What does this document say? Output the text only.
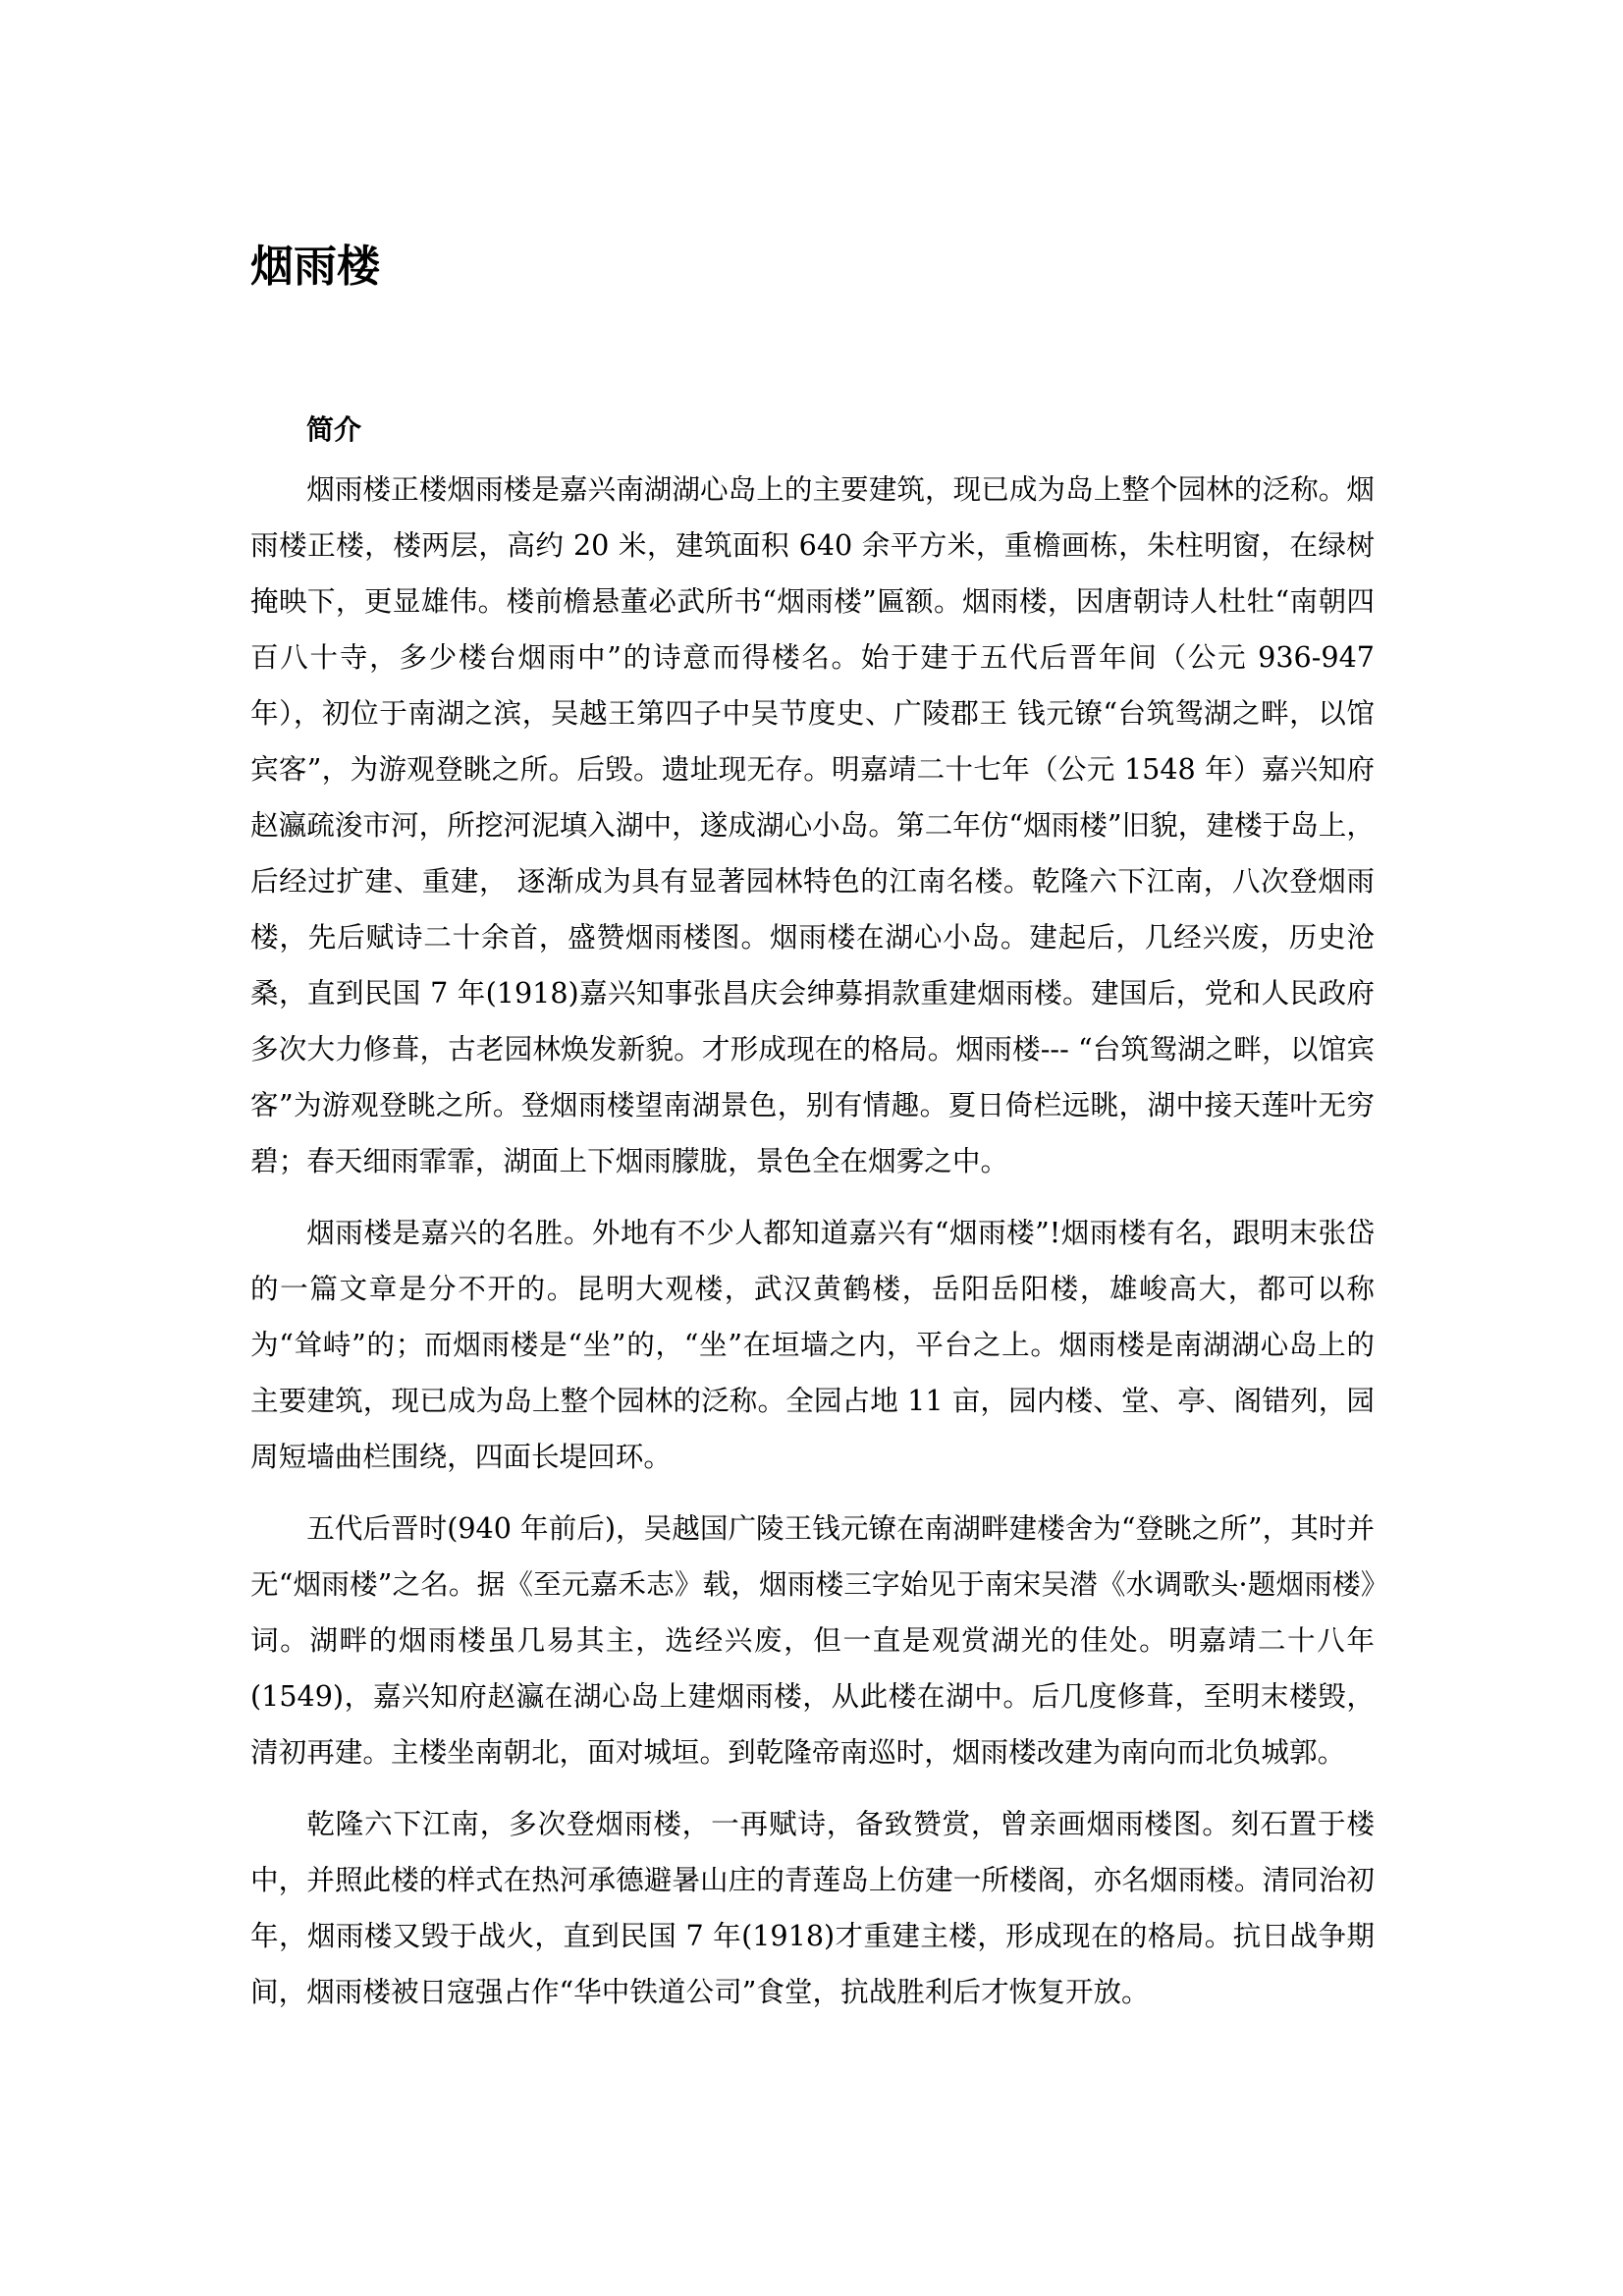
烟雨楼
简介

烟雨楼正楼烟雨楼是嘉兴南湖湖心岛上的主要建筑，现已成为岛上整个园林的泛称。烟雨楼正楼，楼两层，高约 20 米，建筑面积 640 余平方米，重檐画栋，朱柱明窗，在绿树掩映下，更显雄伟。楼前檐悬董必武所书“烟雨楼”匾额。烟雨楼，因唐朝诗人杜牡“南朝四百八十寺，多少楼台烟雨中”的诗意而得楼名。始于建于五代后晋年间（公元 936-947 年），初位于南湖之滨，吴越王第四子中吴节度史、广陵郡王 钱元镣“台筑鸳湖之畔，以馆宾客”，为游观登眺之所。后毁。遗址现无存。明嘉靖二十七年（公元 1548 年）嘉兴知府赵瀛疏浚市河，所挖河泥填入湖中，遂成湖心小岛。第二年仿“烟雨楼”旧貌，建楼于岛上，后经过扩建、重建， 逐渐成为具有显著园林特色的江南名楼。乾隆六下江南，八次登烟雨楼，先后赋诗二十余首，盛赞烟雨楼图。烟雨楼在湖心小岛。建起后，几经兴废，历史沧桑，直到民国 7 年(1918)嘉兴知事张昌庆会绅募捐款重建烟雨楼。建国后，党和人民政府多次大力修葺，古老园林焕发新貌。才形成现在的格局。烟雨楼--- “台筑鸳湖之畔，以馆宾客”为游观登眺之所。登烟雨楼望南湖景色，别有情趣。夏日倚栏远眺，湖中接天莲叶无穷碧；春天细雨霏霏，湖面上下烟雨朦胧，景色全在烟雾之中。

烟雨楼是嘉兴的名胜。外地有不少人都知道嘉兴有“烟雨楼”!烟雨楼有名，跟明末张岱的一篇文章是分不开的。昆明大观楼，武汉黄鹤楼，岳阳岳阳楼，雄峻高大，都可以称为“耸峙”的；而烟雨楼是“坐”的，“坐”在垣墙之内，平台之上。烟雨楼是南湖湖心岛上的主要建筑，现已成为岛上整个园林的泛称。全园占地 11 亩，园内楼、堂、亭、阁错列，园周短墙曲栏围绕，四面长堤回环。

五代后晋时(940 年前后)，吴越国广陵王钱元镣在南湖畔建楼舍为“登眺之所”，其时并无“烟雨楼”之名。据《至元嘉禾志》载，烟雨楼三字始见于南宋吴潜《水调歌头·题烟雨楼》词。湖畔的烟雨楼虽几易其主，选经兴废，但一直是观赏湖光的佳处。明嘉靖二十八年(1549)，嘉兴知府赵瀛在湖心岛上建烟雨楼，从此楼在湖中。后几度修葺，至明末楼毁，清初再建。主楼坐南朝北，面对城垣。到乾隆帝南巡时，烟雨楼改建为南向而北负城郭。

乾隆六下江南，多次登烟雨楼，一再赋诗，备致赞赏，曾亲画烟雨楼图。刻石置于楼中，并照此楼的样式在热河承德避暑山庄的青莲岛上仿建一所楼阁，亦名烟雨楼。清同治初年，烟雨楼又毁于战火，直到民国 7 年(1918)才重建主楼，形成现在的格局。抗日战争期间，烟雨楼被日寇强占作“华中铁道公司”食堂，抗战胜利后才恢复开放。
